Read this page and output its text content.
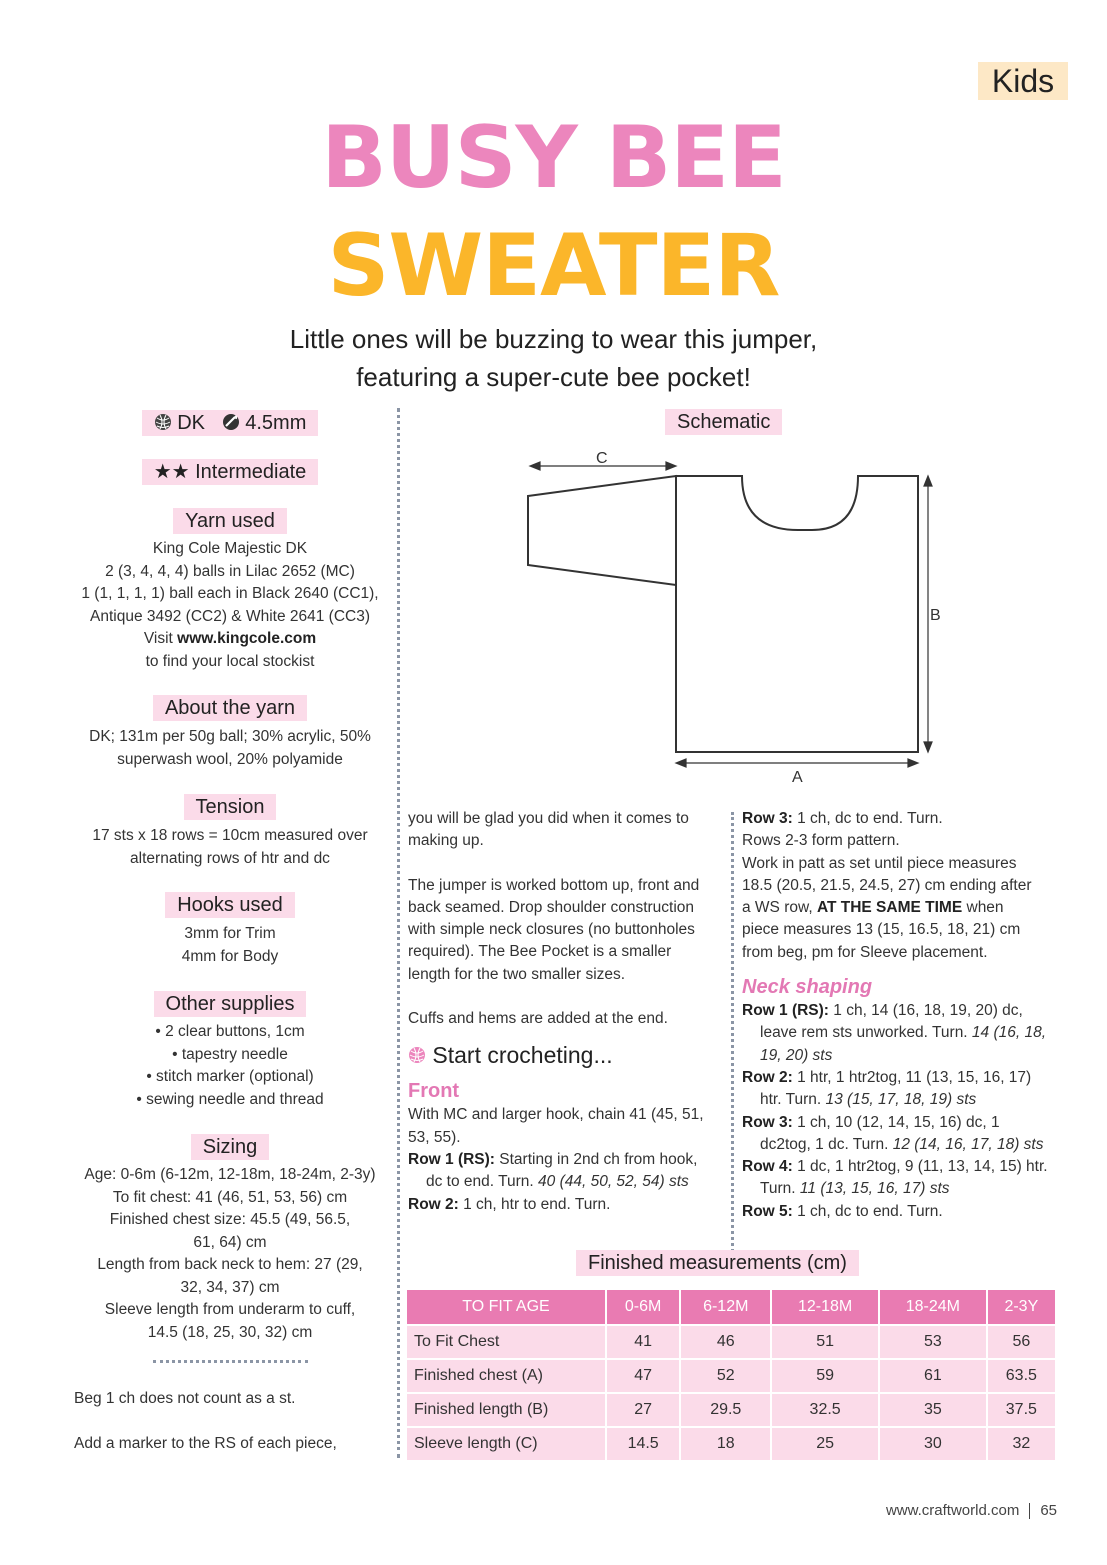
Kids
BUSY BEE
SWEATER
Little ones will be buzzing to wear this jumper,
featuring a super-cute bee pocket!
DK 4.5mm
★★ Intermediate
Yarn used
King Cole Majestic DK
2 (3, 4, 4, 4) balls in Lilac 2652 (MC)
1 (1, 1, 1, 1) ball each in Black 2640 (CC1),
Antique 3492 (CC2) & White 2641 (CC3)
Visit www.kingcole.com
to find your local stockist
About the yarn
DK; 131m per 50g ball; 30% acrylic, 50%
superwash wool, 20% polyamide
Tension
17 sts x 18 rows = 10cm measured over
alternating rows of htr and dc
Hooks used
3mm for Trim
4mm for Body
Other supplies
• 2 clear buttons, 1cm
• tapestry needle
• stitch marker (optional)
• sewing needle and thread
Sizing
Age: 0-6m (6-12m, 12-18m, 18-24m, 2-3y)
To fit chest: 41 (46, 51, 53, 56) cm
Finished chest size: 45.5 (49, 56.5,
61, 64) cm
Length from back neck to hem: 27 (29,
32, 34, 37) cm
Sleeve length from underarm to cuff,
14.5 (18, 25, 30, 32) cm
Beg 1 ch does not count as a st.
Add a marker to the RS of each piece,
Schematic
C
B
A
you will be glad you did when it comes to
making up.
The jumper is worked bottom up, front and
back seamed. Drop shoulder construction
with simple neck closures (no buttonholes
required). The Bee Pocket is a smaller
length for the two smaller sizes.
Cuffs and hems are added at the end.
Start crocheting...
Front
With MC and larger hook, chain 41 (45, 51,
53, 55).
Row 1 (RS): Starting in 2nd ch from hook,
dc to end. Turn. 40 (44, 50, 52, 54) sts
Row 2: 1 ch, htr to end. Turn.
Row 3: 1 ch, dc to end. Turn.
Rows 2-3 form pattern.
Work in patt as set until piece measures
18.5 (20.5, 21.5, 24.5, 27) cm ending after
a WS row, AT THE SAME TIME when
piece measures 13 (15, 16.5, 18, 21) cm
from beg, pm for Sleeve placement.
Neck shaping
Row 1 (RS): 1 ch, 14 (16, 18, 19, 20) dc,
leave rem sts unworked. Turn. 14 (16, 18, 19, 20) sts
Row 2: 1 htr, 1 htr2tog, 11 (13, 15, 16, 17)
htr. Turn. 13 (15, 17, 18, 19) sts
Row 3: 1 ch, 10 (12, 14, 15, 16) dc, 1
dc2tog, 1 dc. Turn. 12 (14, 16, 17, 18) sts
Row 4: 1 dc, 1 htr2tog, 9 (11, 13, 14, 15) htr.
Turn. 11 (13, 15, 16, 17) sts
Row 5: 1 ch, dc to end. Turn.
Finished measurements (cm)
TO FIT AGE	0-6M	6-12M	12-18M	18-24M	2-3Y
To Fit Chest	41	46	51	53	56
Finished chest (A)	47	52	59	61	63.5
Finished length (B)	27	29.5	32.5	35	37.5
Sleeve length (C)	14.5	18	25	30	32
www.craftworld.com 65
